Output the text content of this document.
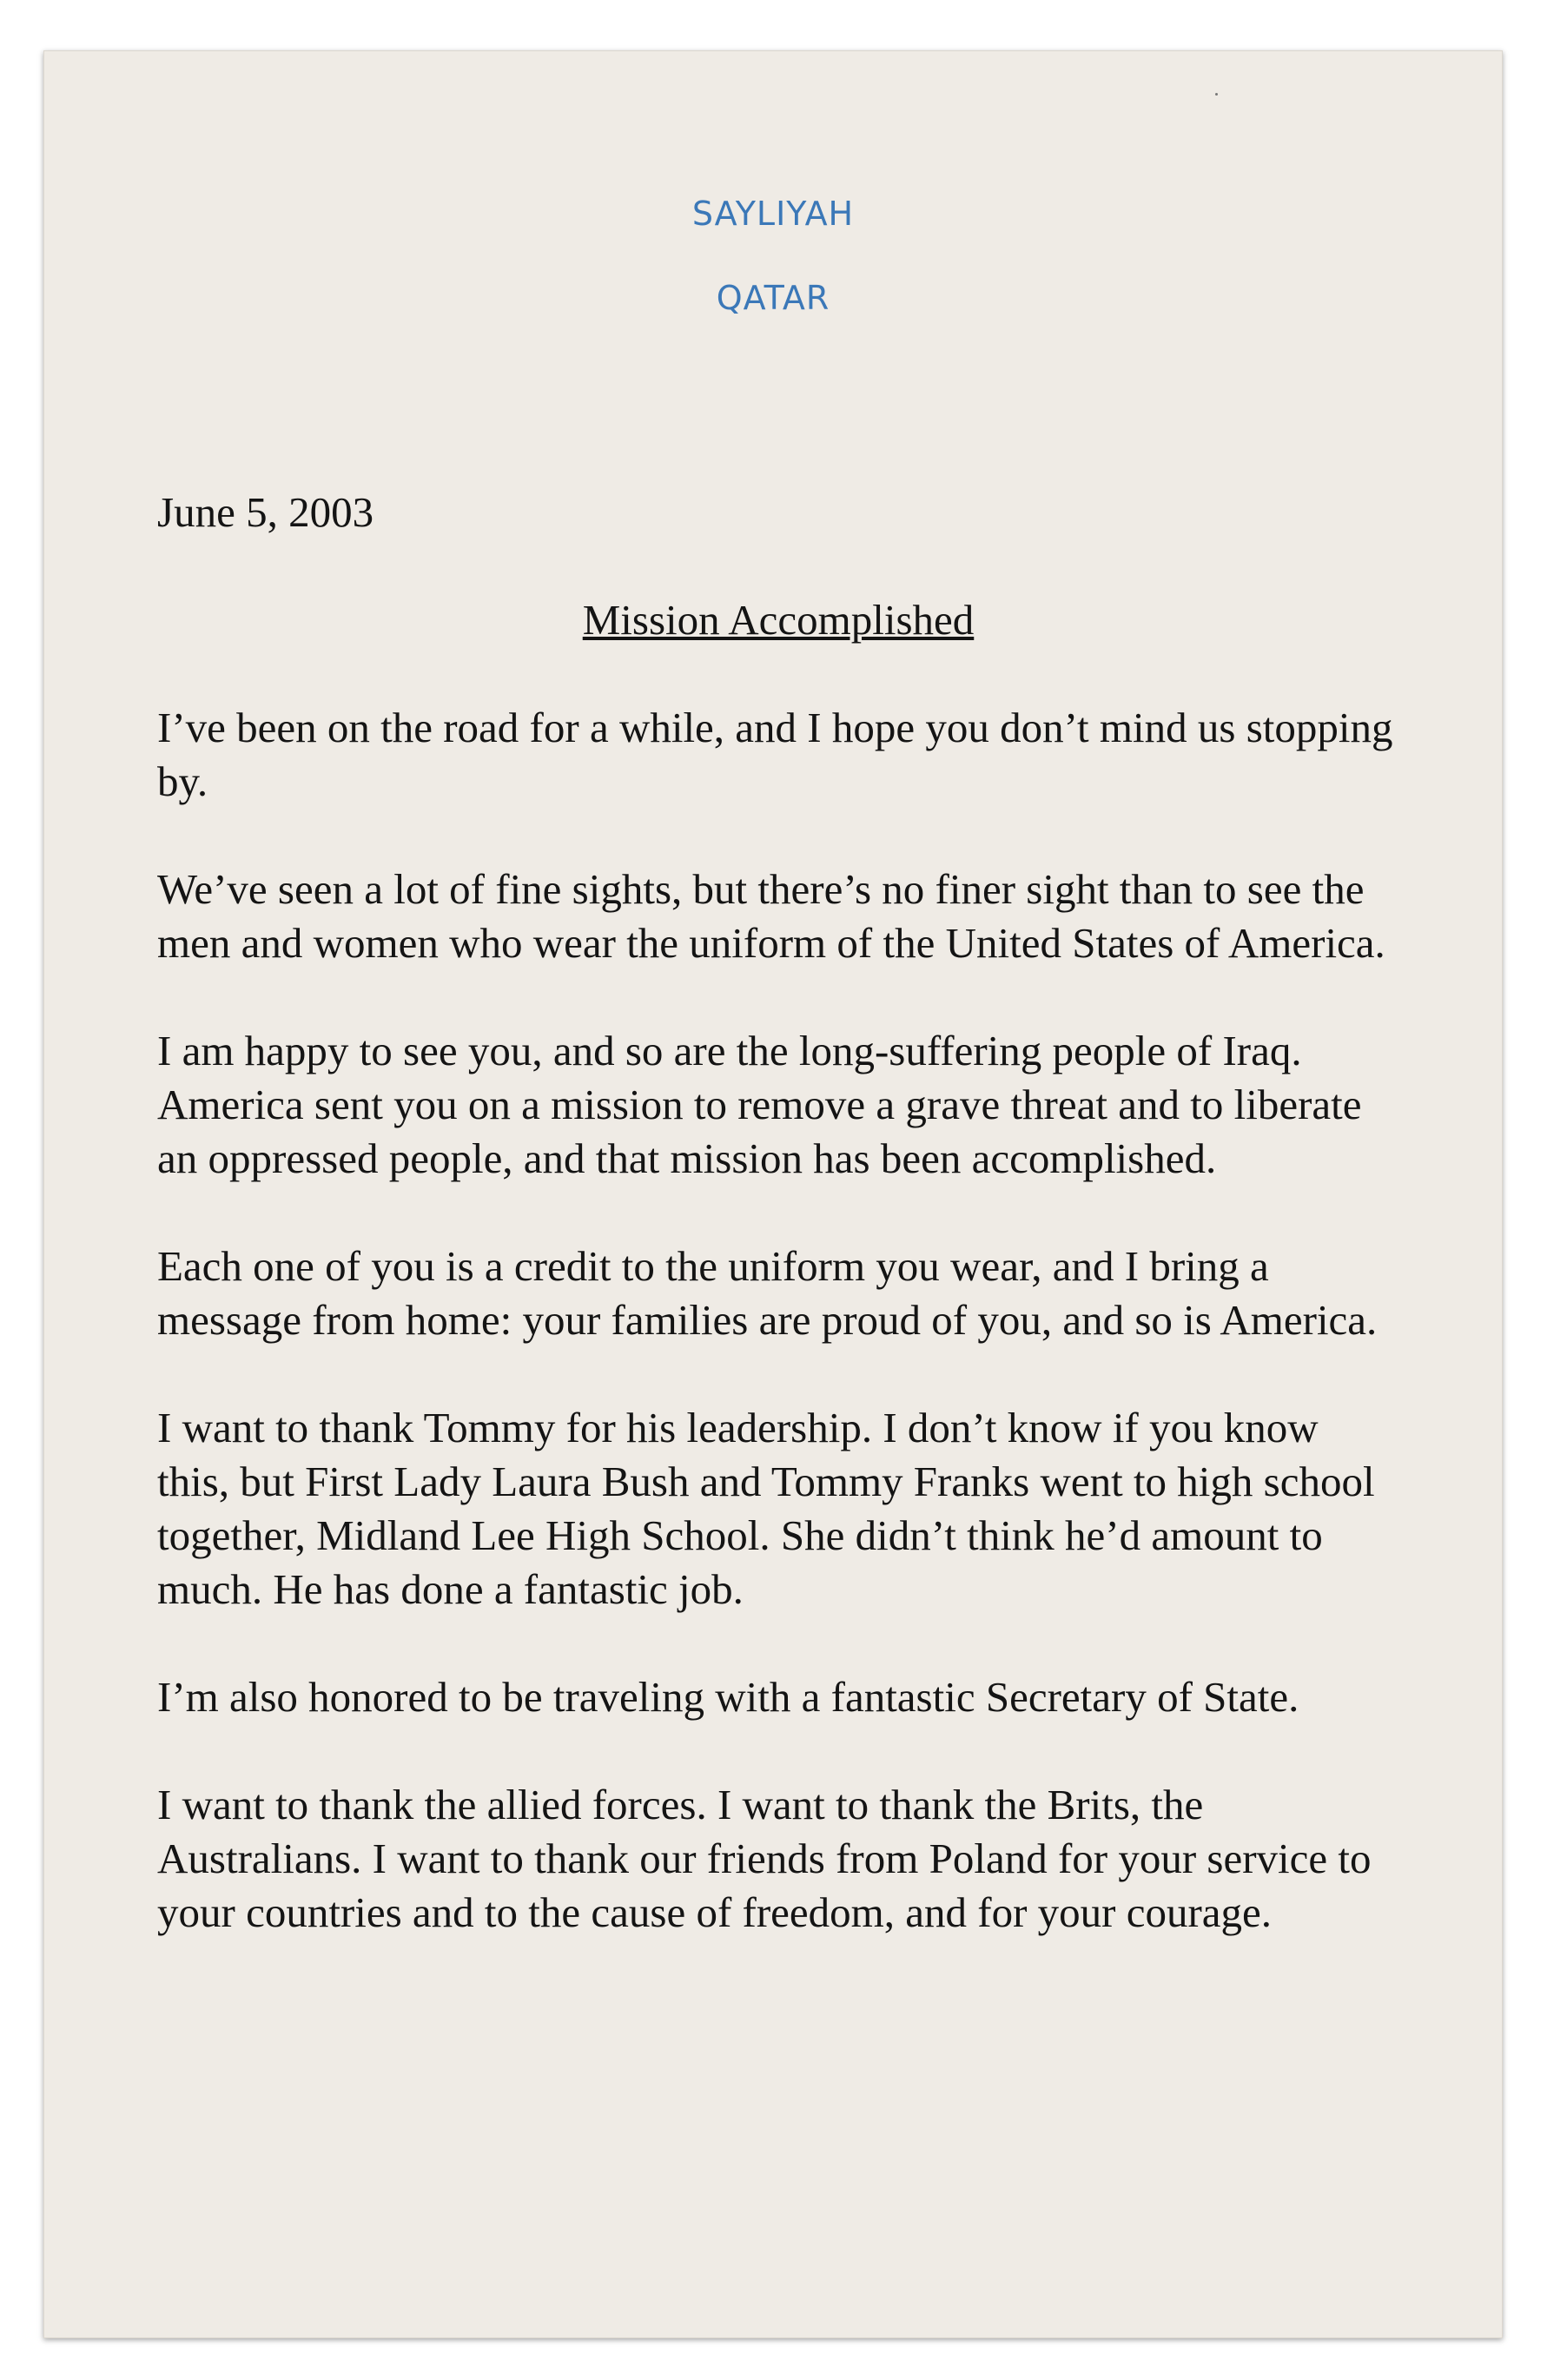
SAYLIYAH
QATAR

June 5, 2003

Mission Accomplished

I’ve been on the road for a while, and I hope you don’t mind us stopping by.

We’ve seen a lot of fine sights, but there’s no finer sight than to see the men and women who wear the uniform of the United States of America.

I am happy to see you, and so are the long-suffering people of Iraq. America sent you on a mission to remove a grave threat and to liberate an oppressed people, and that mission has been accomplished.

Each one of you is a credit to the uniform you wear, and I bring a message from home: your families are proud of you, and so is America.

I want to thank Tommy for his leadership. I don’t know if you know this, but First Lady Laura Bush and Tommy Franks went to high school together, Midland Lee High School. She didn’t think he’d amount to much. He has done a fantastic job.

I’m also honored to be traveling with a fantastic Secretary of State.

I want to thank the allied forces. I want to thank the Brits, the Australians. I want to thank our friends from Poland for your service to your countries and to the cause of freedom, and for your courage.
